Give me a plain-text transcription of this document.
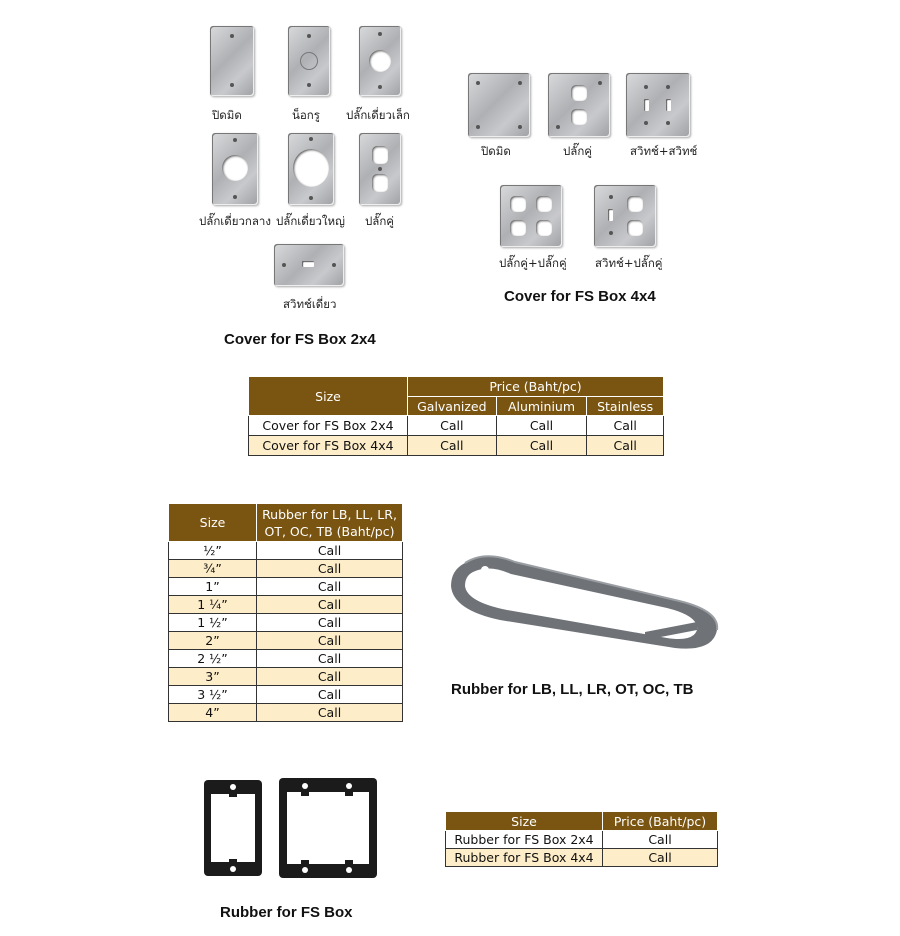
ปิดมิด	น็อกรู ปลั๊กเดี่ยวเล็ก
ปลั๊กเดี่ยวกลาง ปลั๊กเดี่ยวใหญ่ ปลั๊กคู่
สวิทช์เดี่ยว
Cover for FS Box 2x4
ปิดมิด	ปลั๊กคู่	สวิทช์+สวิทช์
ปลั๊กคู่+ปลั๊กคู่ สวิทช์+ปลั๊กคู่
Cover for FS Box 4x4
Size	Price (Baht/pc)		
	Galvanized	Aluminium	Stainless
Cover for FS Box 2x4	Call	Call	Call
Cover for FS Box 4x4	Call	Call	Call
Size	Rubber for LB, LL, LR,
OT, OC, TB (Baht/pc)
½”	Call
¾”	Call
1”	Call
1 ¼”	Call
1 ½”	Call
2”	Call
2 ½”	Call
3”	Call
3 ½”	Call
4”	Call
Rubber for LB, LL, LR, OT, OC, TB
Rubber for FS Box
Size	Price (Baht/pc)
Rubber for FS Box 2x4	Call
Rubber for FS Box 4x4	Call
